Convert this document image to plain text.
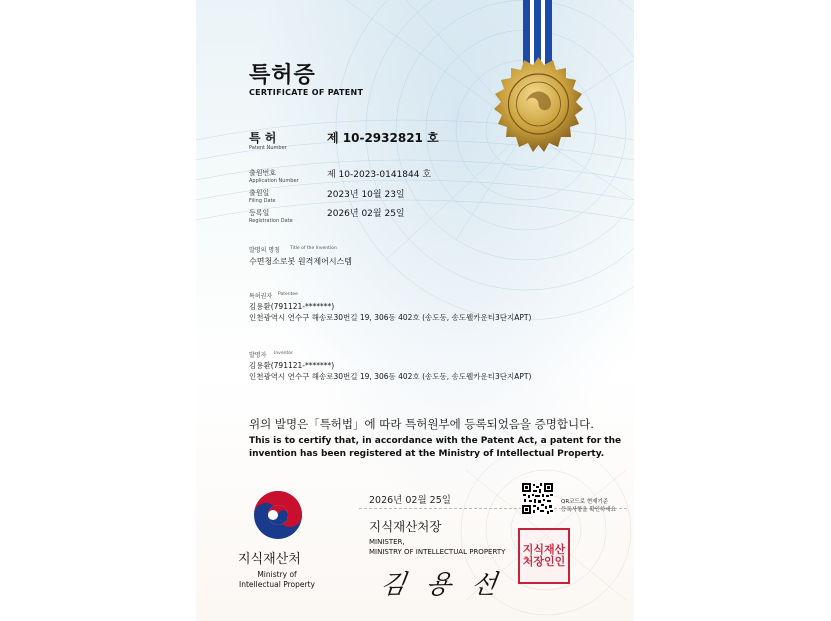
특허증
CERTIFICATE OF PATENT
특 허
Patent Number
제 10-2932821 호
출원번호
Application Number
제 10-2023-0141844 호
출원일
Filing Date
2023년 10월 23일
등록일
Registration Date
2026년 02월 25일
발명의 명칭 Title of the Invention
수면청소로봇 원격제어시스템
특허권자 Patentee
김용환(791121-*******)
인천광역시 연수구 해송로30번길 19, 306동 402호 (송도동, 송도웰카운티3단지APT)
발명자 Inventor
김용환(791121-*******)
인천광역시 연수구 해송로30번길 19, 306동 402호 (송도동, 송도웰카운티3단지APT)
위의 발명은「특허법」에 따라 특허원부에 등록되었음을 증명합니다.
This is to certify that, in accordance with the Patent Act, a patent for the
invention has been registered at the Ministry of Intellectual Property.
지식재산처
Ministry of
Intellectual Property
2026년 02월 25일	QR코드로 현재기준
등록사항을 확인하세요
지식재산처장
MINISTER,
MINISTRY OF INTELLECTUAL PROPERTY
김 용 선
지식재산
처장인인
